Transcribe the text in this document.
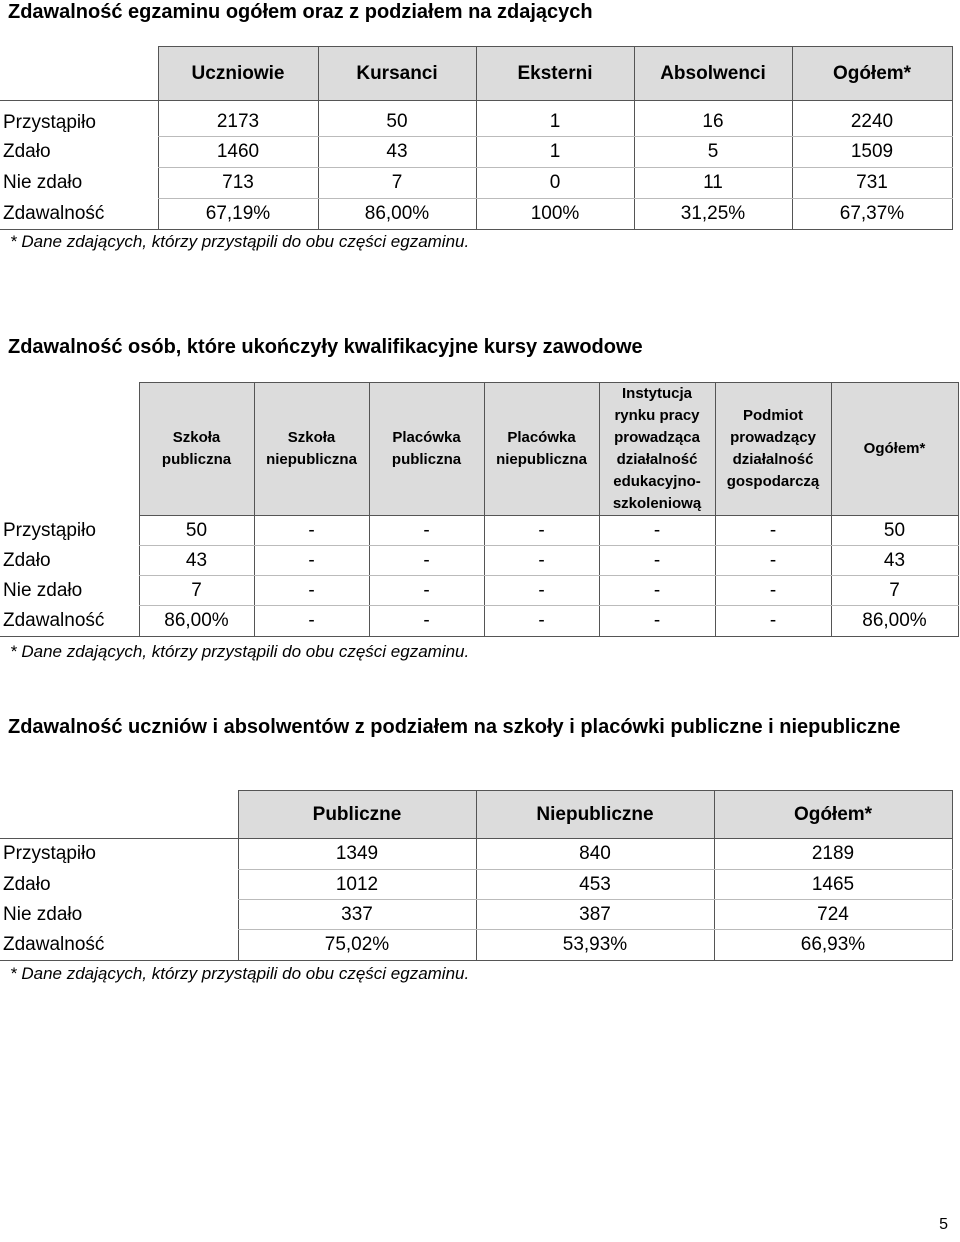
Zdawalność egzaminu ogółem oraz z podziałem na zdających
	Uczniowie	Kursanci	Eksterni	Absolwenci	Ogółem*
Przystąpiło	2173	50	1	16	2240
Zdało	1460	43	1	5	1509
Nie zdało	713	7	0	11	731
Zdawalność	67,19%	86,00%	100%	31,25%	67,37%
* Dane zdających, którzy przystąpili do obu części egzaminu.
Zdawalność osób, które ukończyły kwalifikacyjne kursy zawodowe
	Szkoła publiczna	Szkoła niepubliczna	Placówka publiczna	Placówka niepubliczna	Instytucja rynku pracy prowadząca działalność edukacyjno-szkoleniową	Podmiot prowadzący działalność gospodarczą	Ogółem*
Przystąpiło	50	-	-	-	-	-	50
Zdało	43	-	-	-	-	-	43
Nie zdało	7	-	-	-	-	-	7
Zdawalność	86,00%	-	-	-	-	-	86,00%
* Dane zdających, którzy przystąpili do obu części egzaminu.
Zdawalność uczniów i absolwentów z podziałem na szkoły i placówki publiczne i niepubliczne
	Publiczne	Niepubliczne	Ogółem*
Przystąpiło	1349	840	2189
Zdało	1012	453	1465
Nie zdało	337	387	724
Zdawalność	75,02%	53,93%	66,93%
* Dane zdających, którzy przystąpili do obu części egzaminu.
5
